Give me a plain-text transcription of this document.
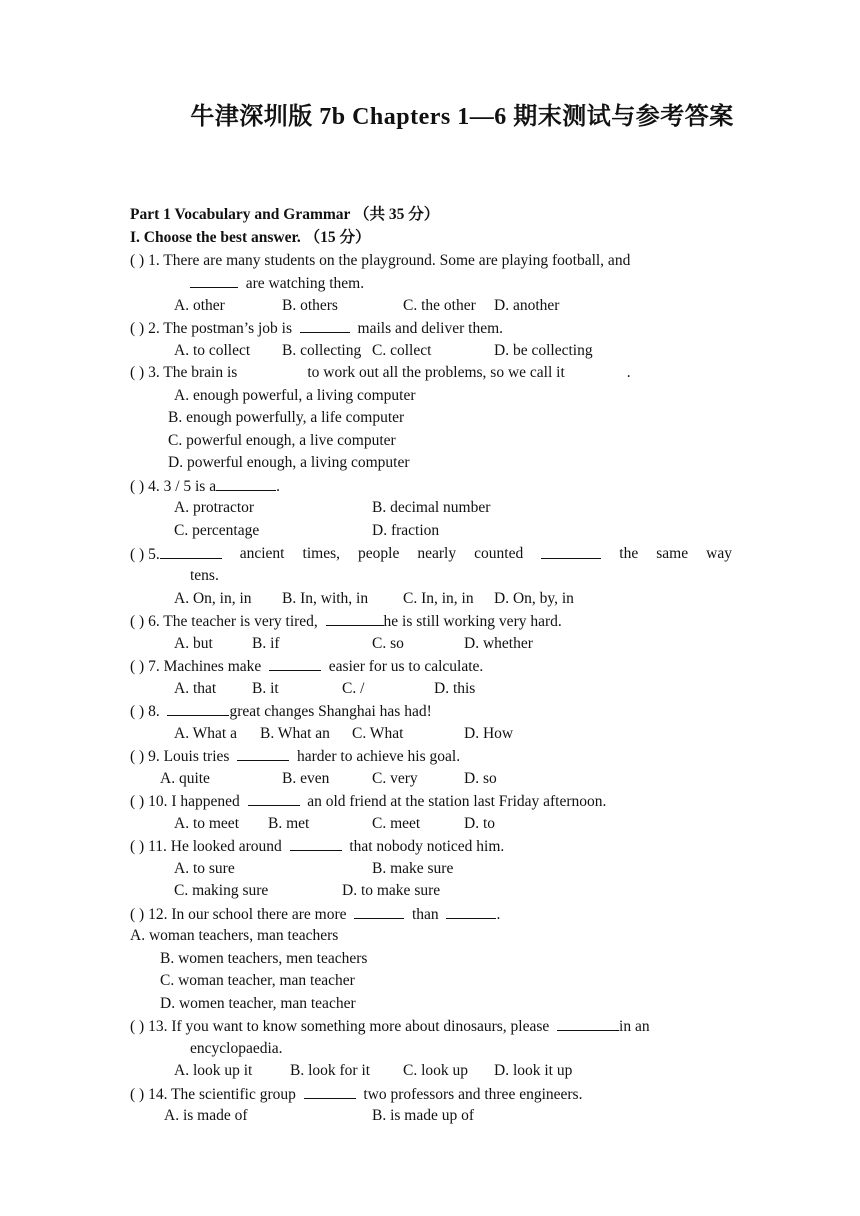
牛津深圳版 7b Chapters 1—6 期末测试与参考答案
Part 1 Vocabulary and Grammar （共 35 分）
I. Choose the best answer. （15 分）
( ) 1. There are many students on the playground. Some are playing football, and
are watching them.
A. other	B. others	C. the other D. another
( ) 2. The postman’s job is	mails and deliver them.
A. to collect B. collecting C. collect	D. be collecting
( ) 3. The brain is	to work out all the problems, so we call it	.
A. enough powerful, a living computer
B. enough powerfully, a life computer
C. powerful enough, a live computer
D. powerful enough, a living computer
( ) 4. 3 / 5 is a	.
A. protractor	B. decimal number
C. percentage	D. fraction
( ) 5.	ancient times, people nearly counted	the same way
tens.
A. On, in, in B. In, with, in C. In, in, in D. On, by, in
( ) 6. The teacher is very tired,	he is still working very hard.
A. but	B. if	C. so	D. whether
( ) 7. Machines make	easier for us to calculate.
A. that B. it	C. /	D. this
( ) 8.	great changes Shanghai has had!
A. What a B. What an C. What	D. How
( ) 9. Louis tries	harder to achieve his goal.
A. quite	B. even	C. very	D. so
( ) 10. I happened	an old friend at the station last Friday afternoon.
A. to meet B. met	C. meet	D. to
( ) 11. He looked around	that nobody noticed him.
A. to sure	B. make sure
C. making sure	D. to make sure
( ) 12. In our school there are more	than	.
A. woman teachers, man teachers
B. women teachers, men teachers
C. woman teacher, man teacher
D. women teacher, man teacher
( ) 13. If you want to know something more about dinosaurs, please	in an
encyclopaedia.
A. look up it B. look for it C. look up D. look it up
( ) 14. The scientific group	two professors and three engineers.
A. is made of	B. is made up of
